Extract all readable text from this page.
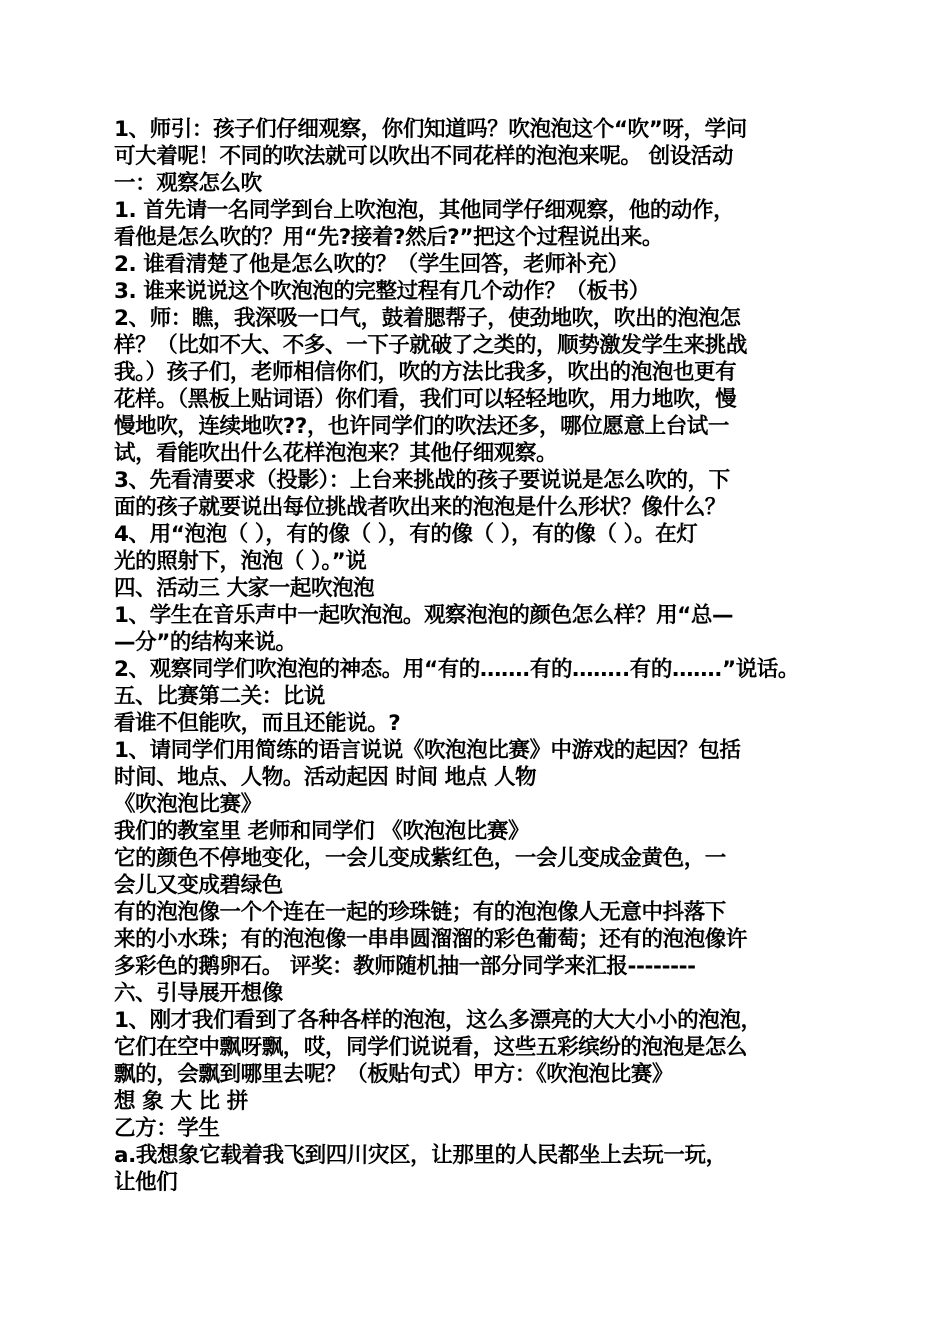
1、师引：孩子们仔细观察，你们知道吗？吹泡泡这个“吹”呀，学问
可大着呢！不同的吹法就可以吹出不同花样的泡泡来呢。 创设活动
一：观察怎么吹
1. 首先请一名同学到台上吹泡泡，其他同学仔细观察，他的动作，
看他是怎么吹的？用“先?接着?然后?”把这个过程说出来。
2. 谁看清楚了他是怎么吹的？（学生回答，老师补充）
3. 谁来说说这个吹泡泡的完整过程有几个动作？（板书）
2、师：瞧，我深吸一口气，鼓着腮帮子，使劲地吹，吹出的泡泡怎
样？（比如不大、不多、一下子就破了之类的，顺势激发学生来挑战
我。）孩子们，老师相信你们，吹的方法比我多，吹出的泡泡也更有
花样。（黑板上贴词语）你们看，我们可以轻轻地吹，用力地吹，慢
慢地吹，连续地吹??，也许同学们的吹法还多，哪位愿意上台试一
试，看能吹出什么花样泡泡来？其他仔细观察。
3、先看清要求（投影）：上台来挑战的孩子要说说是怎么吹的，下
面的孩子就要说出每位挑战者吹出来的泡泡是什么形状？像什么？
4、用“泡泡（ ），有的像（ ），有的像（ ），有的像（ ）。在灯
光的照射下，泡泡（ ）。”说
四、活动三 大家一起吹泡泡
1、学生在音乐声中一起吹泡泡。观察泡泡的颜色怎么样？用“总—
—分”的结构来说。
2、观察同学们吹泡泡的神态。用“有的…….有的……..有的…….”说话。
五、比赛第二关：比说
看谁不但能吹，而且还能说。?
1、请同学们用简练的语言说说《吹泡泡比赛》中游戏的起因？包括
时间、地点、人物。活动起因 时间 地点 人物
《吹泡泡比赛》
我们的教室里 老师和同学们 《吹泡泡比赛》
它的颜色不停地变化，一会儿变成紫红色，一会儿变成金黄色，一
会儿又变成碧绿色
有的泡泡像一个个连在一起的珍珠链；有的泡泡像人无意中抖落下
来的小水珠；有的泡泡像一串串圆溜溜的彩色葡萄；还有的泡泡像许
多彩色的鹅卵石。 评奖：教师随机抽一部分同学来汇报--------
六、引导展开想像
1、刚才我们看到了各种各样的泡泡，这么多漂亮的大大小小的泡泡，
它们在空中飘呀飘，哎，同学们说说看，这些五彩缤纷的泡泡是怎么
飘的，会飘到哪里去呢？（板贴句式）甲方：《吹泡泡比赛》
想 象 大 比 拼
乙方：学生
a.我想象它载着我飞到四川灾区，让那里的人民都坐上去玩一玩，
让他们
